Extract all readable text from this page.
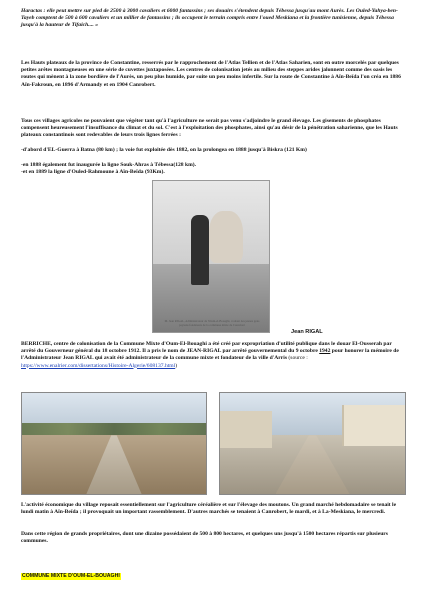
Haractas : elle peut mettre sur pied de 2500 à 3000 cavaliers et 6000 fantassins ; ses douairs s'étendent depuis Tébessa jusqu'au mont Aurès. Les Ouled-Yahya-ben-Tayeb comptent de 500 à 600 cavaliers et un millier de fantassins ; ils occupent le terrain compris entre l'oued Meskiana et la frontière tunisienne, depuis Tébessa jusqu'à la hauteur de Tifaich.... »
Les Hauts plateaux de la province de Constantine, resserrés par le rapprochement de l'Atlas Tellien et de l'Atlas Saharien, sont en outre morcelés par quelques petites arêtes montagneuses en une série de cuvettes juxtaposées. Les centres de colonisation jetés au milieu des steppes arides jalonnent comme des oasis les routes qui mènent à la zone bordière de l'Aurès, un peu plus humide, par suite un peu moins infertile. Sur la route de Constantine à Aïn-Beïda l'on créa en 1886 Aïn-Fakroun, en 1896 d'Armandy et en 1904 Canrobert.
Tous ces villages agricoles ne pouvaient que végéter tant qu'à l'agriculture ne serait pas venu s'adjoindre le grand élevage. Les gisements de phosphates compensent heureusement l'insuffisance du climat et du sol. C'est à l'exploitation des phosphates, ainsi qu'au désir de la pénétration saharienne, que les Hauts plateaux constantinois sont redevables de leurs trois lignes ferrées :
-d'abord d'EL-Guerra à Batna (80 km) ; la voie fut exploitée dès 1882, on la prolongea en 1888 jusqu'à Biskra (121 Km)
-en 1888 également fut inaugurée la ligne Souk-Ahras à Tébessa(128 km).
-et en 1889 la ligne d'Ouled-Rahmoune à Aïn-Beïda (93Km).
M. Jean RIGAL, Administrateur de l'Oum-el-Bouaghi, voulant des jeunes gens paysans fondateurs de la commune mixte de Canrobert
Jean RIGAL
BERRICHE, centre de colonisation de la Commune Mixte d'Oum-El-Bouaghi a été créé par expropriation d'utilité publique dans le douar El-Ousserah par arrêté du Gouverneur général du 18 octobre 1912. Il a pris le nom de JEAN-RIGAL par arrêté gouvernemental du 9 octobre 1942 pour honorer la mémoire de l'Administrateur Jean RIGAL qui avait été administrateur de la commune mixte et fondateur de la ville d'Arris (source : https://www.enalrier.com/dissertations/Histoire-Algerie/608137.html)
L'activité économique du village reposait essentiellement sur l'agriculture céréalière et sur l'élevage des moutons. Un grand marché hebdomadaire se tenait le lundi matin à Aïn-Beïda ; il provoquait un important rassemblement. D'autres marchés se tenaient à Canrobert, le mardi, et à La-Meskiana, le mercredi.
Dans cette région de grands propriétaires, dont une dizaine possédaient de 500 à 800 hectares, et quelques uns jusqu'à 1500 hectares répartis sur plusieurs communes.
COMMUNE MIXTE D'OUM-EL-BOUAGHI
